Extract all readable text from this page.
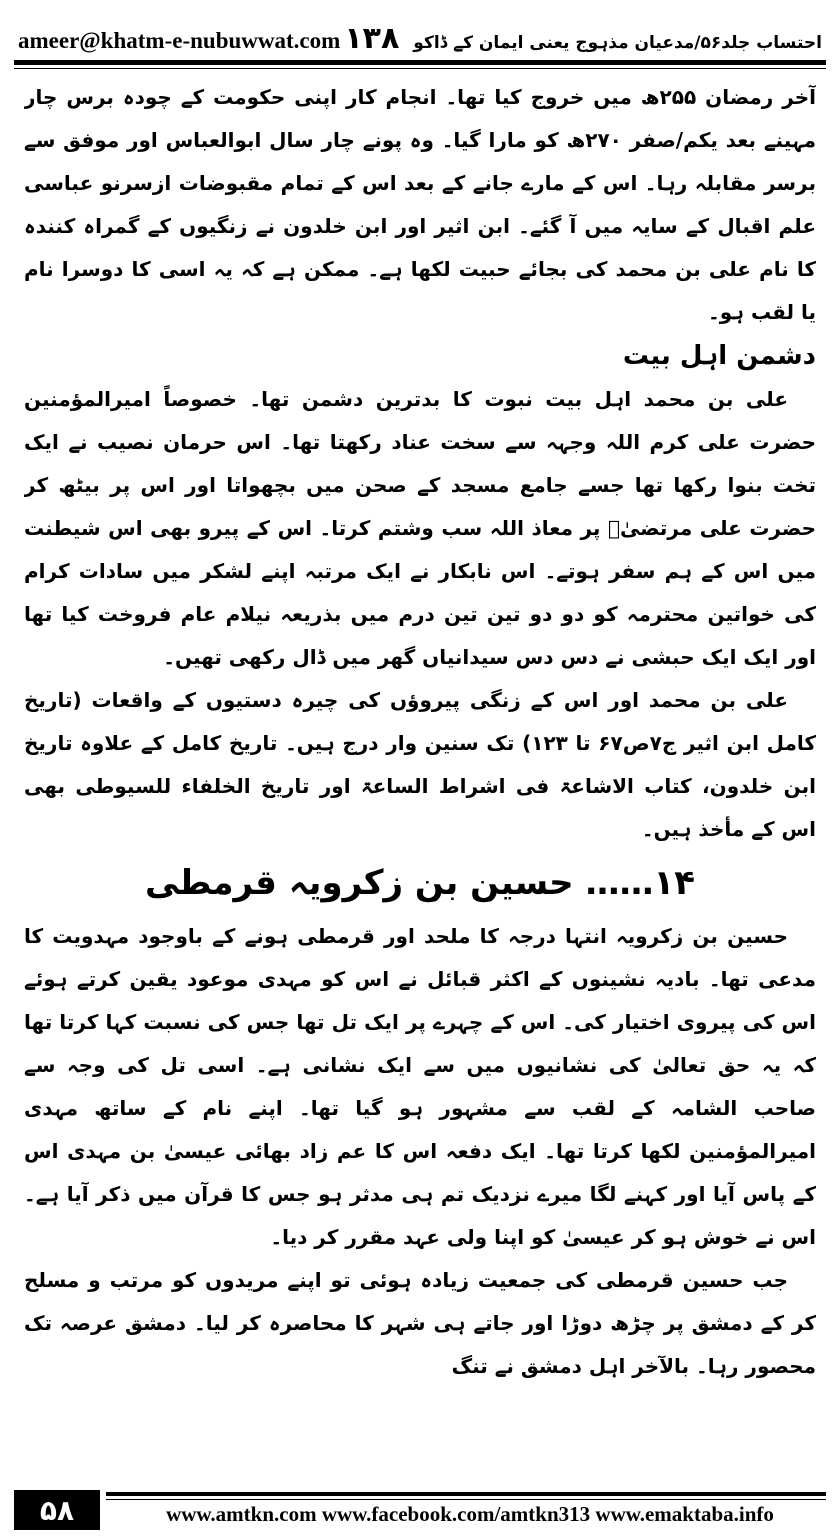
ameer@khatm-e-nubuwwat.com	احتساب جلد۵۶/مدعیان مذہوج یعنی ایمان کے ڈاکو
۱۳۸

آخر رمضان ۲۵۵ھ میں خروج کیا تھا۔ انجام کار اپنی حکومت کے چودہ برس چار مہینے بعد یکم/صفر ۲۷۰ھ کو مارا گیا۔ وہ پونے چار سال ابوالعباس اور موفق سے برسر مقابلہ رہا۔ اس کے مارے جانے کے بعد اس کے تمام مقبوضات ازسرنو عباسی علم اقبال کے سایہ میں آ گئے۔ ابن اثیر اور ابن خلدون نے زنگیوں کے گمراہ کنندہ کا نام علی بن محمد کی بجائے حبیت لکھا ہے۔ ممکن ہے کہ یہ اسی کا دوسرا نام یا لقب ہو۔

دشمن اہل بیت

علی بن محمد اہل بیت نبوت کا بدترین دشمن تھا۔ خصوصاً امیرالمؤمنین حضرت علی کرم اللہ وجہہ سے سخت عناد رکھتا تھا۔ اس حرمان نصیب نے ایک تخت بنوا رکھا تھا جسے جامع مسجد کے صحن میں بچھواتا اور اس پر بیٹھ کر حضرت علی مرتضیٰؓ پر معاذ اللہ سب وشتم کرتا۔ اس کے پیرو بھی اس شیطنت میں اس کے ہم سفر ہوتے۔ اس نابکار نے ایک مرتبہ اپنے لشکر میں سادات کرام کی خواتین محترمہ کو دو دو تین تین درم میں بذریعہ نیلام عام فروخت کیا تھا اور ایک ایک حبشی نے دس دس سیدانیاں گھر میں ڈال رکھی تھیں۔

علی بن محمد اور اس کے زنگی پیروؤں کی چیرہ دستیوں کے واقعات (تاریخ کامل ابن اثیر ج۷ص۶۷ تا ۱۲۳) تک سنین وار درج ہیں۔ تاریخ کامل کے علاوہ تاریخ ابن خلدون، کتاب الاشاعۃ فی اشراط الساعۃ اور تاریخ الخلفاء للسیوطی بھی اس کے مأخذ ہیں۔

۱۴…… حسین بن زکرویہ قرمطی

حسین بن زکرویہ انتہا درجہ کا ملحد اور قرمطی ہونے کے باوجود مہدویت کا مدعی تھا۔ بادیہ نشینوں کے اکثر قبائل نے اس کو مہدی موعود یقین کرتے ہوئے اس کی پیروی اختیار کی۔ اس کے چہرے پر ایک تل تھا جس کی نسبت کہا کرتا تھا کہ یہ حق تعالیٰ کی نشانیوں میں سے ایک نشانی ہے۔ اسی تل کی وجہ سے صاحب الشامہ کے لقب سے مشہور ہو گیا تھا۔ اپنے نام کے ساتھ مہدی امیرالمؤمنین لکھا کرتا تھا۔ ایک دفعہ اس کا عم زاد بھائی عیسیٰ بن مہدی اس کے پاس آیا اور کہنے لگا میرے نزدیک تم ہی مدثر ہو جس کا قرآن میں ذکر آیا ہے۔ اس نے خوش ہو کر عیسیٰ کو اپنا ولی عہد مقرر کر دیا۔

جب حسین قرمطی کی جمعیت زیادہ ہوئی تو اپنے مریدوں کو مرتب و مسلح کر کے دمشق پر چڑھ دوڑا اور جاتے ہی شہر کا محاصرہ کر لیا۔ دمشق عرصہ تک محصور رہا۔ بالآخر اہل دمشق نے تنگ

۵۸	www.amtkn.com www.facebook.com/amtkn313 www.emaktaba.info
